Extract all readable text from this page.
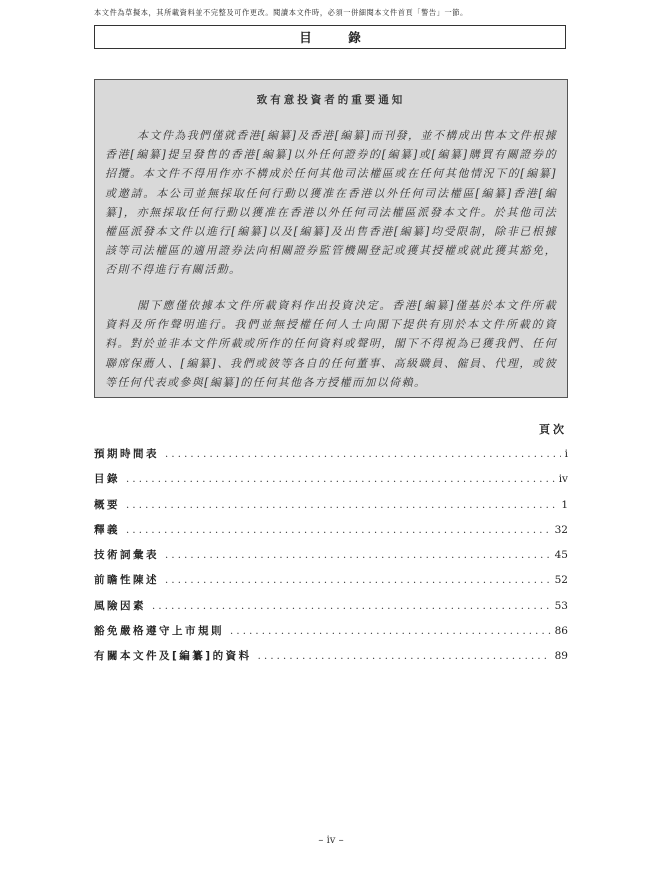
本文件為草擬本，其所載資料並不完整及可作更改。閱讀本文件時，必須一併細閱本文件首頁「警告」一節。
目　錄
致有意投資者的重要通知

本文件為我們僅就香港[編纂]及香港[編纂]而刊發，並不構成出售本文件根據香港[編纂]提呈發售的香港[編纂]以外任何證券的[編纂]或[編纂]購買有關證券的招攬。本文件不得用作亦不構成於任何其他司法權區或在任何其他情況下的[編纂]或邀請。本公司並無採取任何行動以獲准在香港以外任何司法權區[編纂]香港[編纂]，亦無採取任何行動以獲准在香港以外任何司法權區派發本文件。於其他司法權區派發本文件以進行[編纂]以及[編纂]及出售香港[編纂]均受限制，除非已根據該等司法權區的適用證券法向相關證券監管機關登記或獲其授權或就此獲其豁免，否則不得進行有關活動。

閣下應僅依據本文件所載資料作出投資決定。香港[編纂]僅基於本文件所載資料及所作聲明進行。我們並無授權任何人士向閣下提供有別於本文件所載的資料。對於並非本文件所載或所作的任何資料或聲明，閣下不得視為已獲我們、任何聯席保薦人、[編纂]、我們或彼等各自的任何董事、高級職員、僱員、代理，或彼等任何代表或參與[編纂]的任何其他各方授權而加以倚賴。

頁次
預期時間表 . . .	i
目錄 . . .	iv
概要 . . .	1
釋義 . . .	32
技術詞彙表 . . .	45
前瞻性陳述 . . .	52
風險因素 . . .	53
豁免嚴格遵守上市規則 . . .	86
有關本文件及[編纂]的資料 . . .	89
– iv –
